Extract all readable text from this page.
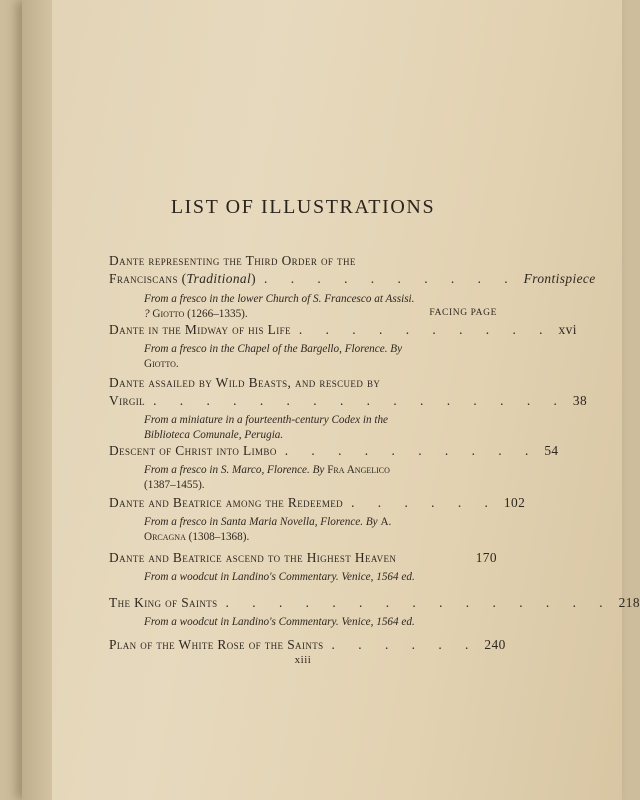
LIST OF ILLUSTRATIONS
Dante representing the Third Order of the
Franciscans (Traditional) . . . . . . . . . . Frontispiece
From a fresco in the lower Church of S. Francesco at Assisi.
? Giotto (1266–1335).	FACING PAGE
Dante in the Midway of his Life . . . . . . . . . . xvi
From a fresco in the Chapel of the Bargello, Florence. By
Giotto.
Dante assailed by Wild Beasts, and rescued by
Virgil . . . . . . . . . . . . . . . . 38
From a miniature in a fourteenth-century Codex in the
Biblioteca Comunale, Perugia.
Descent of Christ into Limbo . . . . . . . . . . 54
From a fresco in S. Marco, Florence. By Fra Angelico
(1387–1455).
Dante and Beatrice among the Redeemed . . . . . . 102
From a fresco in Santa Maria Novella, Florence. By A.
Orcagna (1308–1368).
Dante and Beatrice ascend to the Highest Heaven	170
From a woodcut in Landino's Commentary. Venice, 1564 ed.
The King of Saints . . . . . . . . . . . . . . . 218
From a woodcut in Landino's Commentary. Venice, 1564 ed.
Plan of the White Rose of the Saints . . . . . . 240
xiii
